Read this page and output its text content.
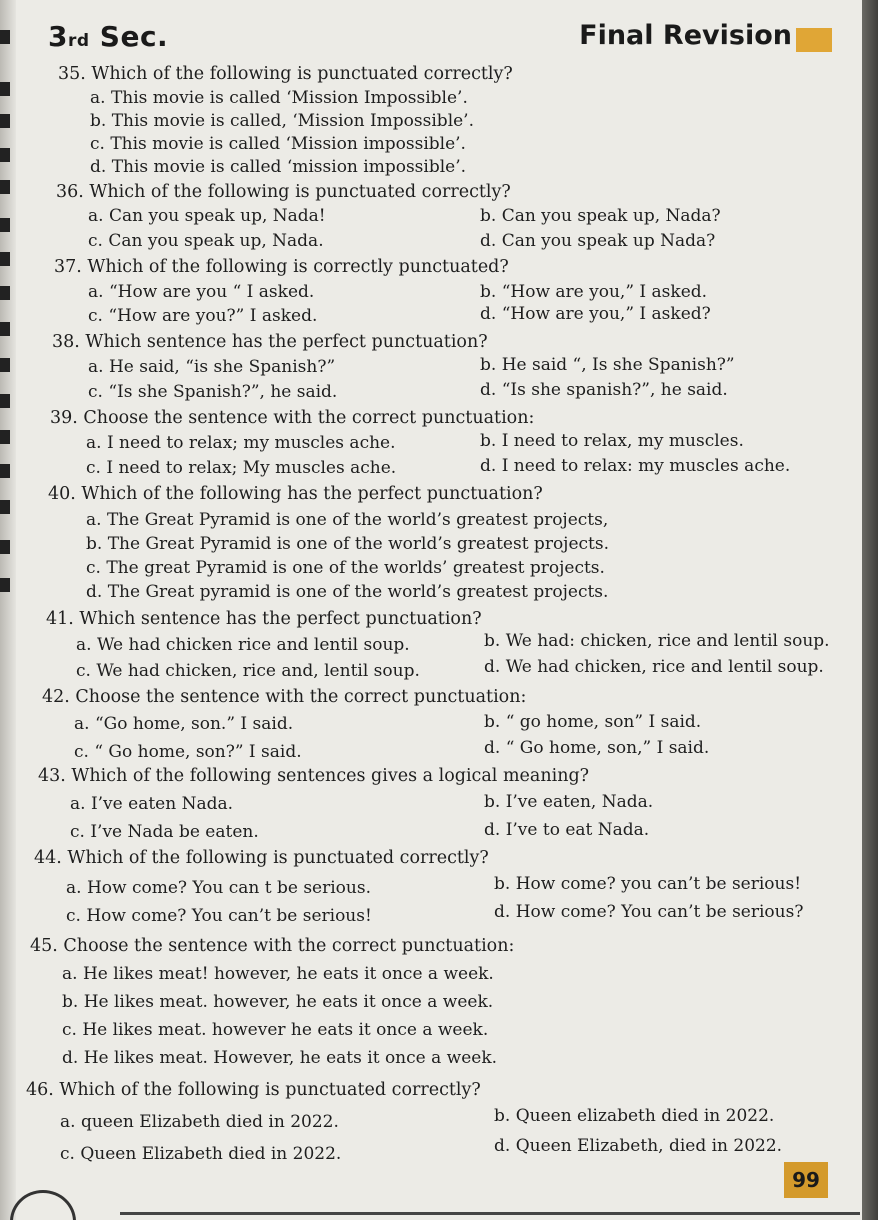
3rd Sec.	Final Revision
35. Which of the following is punctuated correctly?
a. This movie is called ‘Mission Impossible’.
b. This movie is called, ‘Mission Impossible’.
c. This movie is called ‘Mission impossible’.
d. This movie is called ‘mission impossible’.
36. Which of the following is punctuated correctly?
a. Can you speak up, Nada!	b. Can you speak up, Nada?
c. Can you speak up, Nada.	d. Can you speak up Nada?
37. Which of the following is correctly punctuated?
a. “How are you “ I asked.	b. “How are you,” I asked.
c. “How are you?” I asked.	d. “How are you,” I asked?
38. Which sentence has the perfect punctuation?
a. He said, “is she Spanish?”	b. He said “, Is she Spanish?”
c. “Is she Spanish?”, he said.	d. “Is she spanish?”, he said.
39. Choose the sentence with the correct punctuation:
a. I need to relax; my muscles ache.	b. I need to relax, my muscles.
c. I need to relax; My muscles ache.	d. I need to relax: my muscles ache.
40. Which of the following has the perfect punctuation?
a. The Great Pyramid is one of the world’s greatest projects,
b. The Great Pyramid is one of the world’s greatest projects.
c. The great Pyramid is one of the worlds’ greatest projects.
d. The Great pyramid is one of the world’s greatest projects.
41. Which sentence has the perfect punctuation?
a. We had chicken rice and lentil soup.	b. We had: chicken, rice and lentil soup.
c. We had chicken, rice and, lentil soup.	d. We had chicken, rice and lentil soup.
42. Choose the sentence with the correct punctuation:
a. “Go home, son.” I said.	b. “ go home, son” I said.
c. “ Go home, son?” I said.	d. “ Go home, son,” I said.
43. Which of the following sentences gives a logical meaning?
a. I’ve eaten Nada.	b. I’ve eaten, Nada.
c. I’ve Nada be eaten.	d. I’ve to eat Nada.
44. Which of the following is punctuated correctly?
a. How come? You can t be serious.	b. How come? you can’t be serious!
c. How come? You can’t be serious!	d. How come? You can’t be serious?
45. Choose the sentence with the correct punctuation:
a. He likes meat! however, he eats it once a week.
b. He likes meat. however, he eats it once a week.
c. He likes meat. however he eats it once a week.
d. He likes meat. However, he eats it once a week.
46. Which of the following is punctuated correctly?
a. queen Elizabeth died in 2022.	b. Queen elizabeth died in 2022.
c. Queen Elizabeth died in 2022.	d. Queen Elizabeth, died in 2022.
99
